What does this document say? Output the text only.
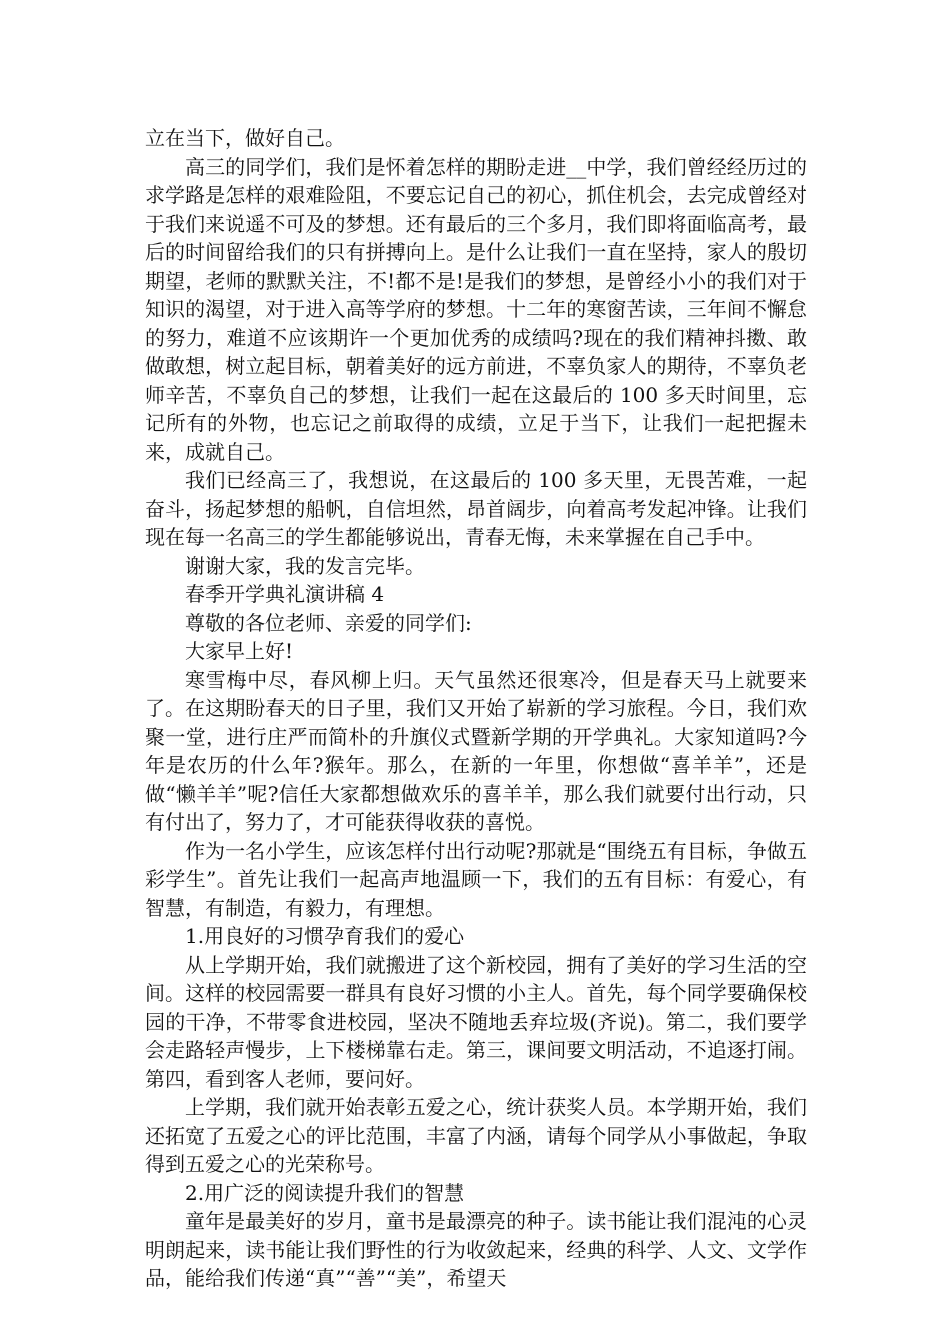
立在当下，做好自己。

高三的同学们，我们是怀着怎样的期盼走进__中学，我们曾经经历过的求学路是怎样的艰难险阻，不要忘记自己的初心，抓住机会，去完成曾经对于我们来说遥不可及的梦想。还有最后的三个多月，我们即将面临高考，最后的时间留给我们的只有拼搏向上。是什么让我们一直在坚持，家人的殷切期望，老师的默默关注，不!都不是!是我们的梦想，是曾经小小的我们对于知识的渴望，对于进入高等学府的梦想。十二年的寒窗苦读，三年间不懈怠的努力，难道不应该期许一个更加优秀的成绩吗?现在的我们精神抖擞、敢做敢想，树立起目标，朝着美好的远方前进，不辜负家人的期待，不辜负老师辛苦，不辜负自己的梦想，让我们一起在这最后的 100 多天时间里，忘记所有的外物，也忘记之前取得的成绩，立足于当下，让我们一起把握未来，成就自己。

我们已经高三了，我想说，在这最后的 100 多天里，无畏苦难，一起奋斗，扬起梦想的船帆，自信坦然，昂首阔步，向着高考发起冲锋。让我们现在每一名高三的学生都能够说出，青春无悔，未来掌握在自己手中。

谢谢大家，我的发言完毕。

春季开学典礼演讲稿 4

尊敬的各位老师、亲爱的同学们:

大家早上好!

寒雪梅中尽，春风柳上归。天气虽然还很寒冷，但是春天马上就要来了。在这期盼春天的日子里，我们又开始了崭新的学习旅程。今日，我们欢聚一堂，进行庄严而简朴的升旗仪式暨新学期的开学典礼。大家知道吗?今年是农历的什么年?猴年。那么，在新的一年里，你想做“喜羊羊”，还是做“懒羊羊”呢?信任大家都想做欢乐的喜羊羊，那么我们就要付出行动，只有付出了，努力了，才可能获得收获的喜悦。

作为一名小学生，应该怎样付出行动呢?那就是“围绕五有目标，争做五彩学生”。首先让我们一起高声地温顾一下，我们的五有目标：有爱心，有智慧，有制造，有毅力，有理想。

1.用良好的习惯孕育我们的爱心

从上学期开始，我们就搬进了这个新校园，拥有了美好的学习生活的空间。这样的校园需要一群具有良好习惯的小主人。首先，每个同学要确保校园的干净，不带零食进校园，坚决不随地丢弃垃圾(齐说)。第二，我们要学会走路轻声慢步，上下楼梯靠右走。第三，课间要文明活动，不追逐打闹。第四，看到客人老师，要问好。

上学期，我们就开始表彰五爱之心，统计获奖人员。本学期开始，我们还拓宽了五爱之心的评比范围，丰富了内涵，请每个同学从小事做起，争取得到五爱之心的光荣称号。

2.用广泛的阅读提升我们的智慧

童年是最美好的岁月，童书是最漂亮的种子。读书能让我们混沌的心灵明朗起来，读书能让我们野性的行为收敛起来，经典的科学、人文、文学作品，能给我们传递“真”“善”“美”，希望天
